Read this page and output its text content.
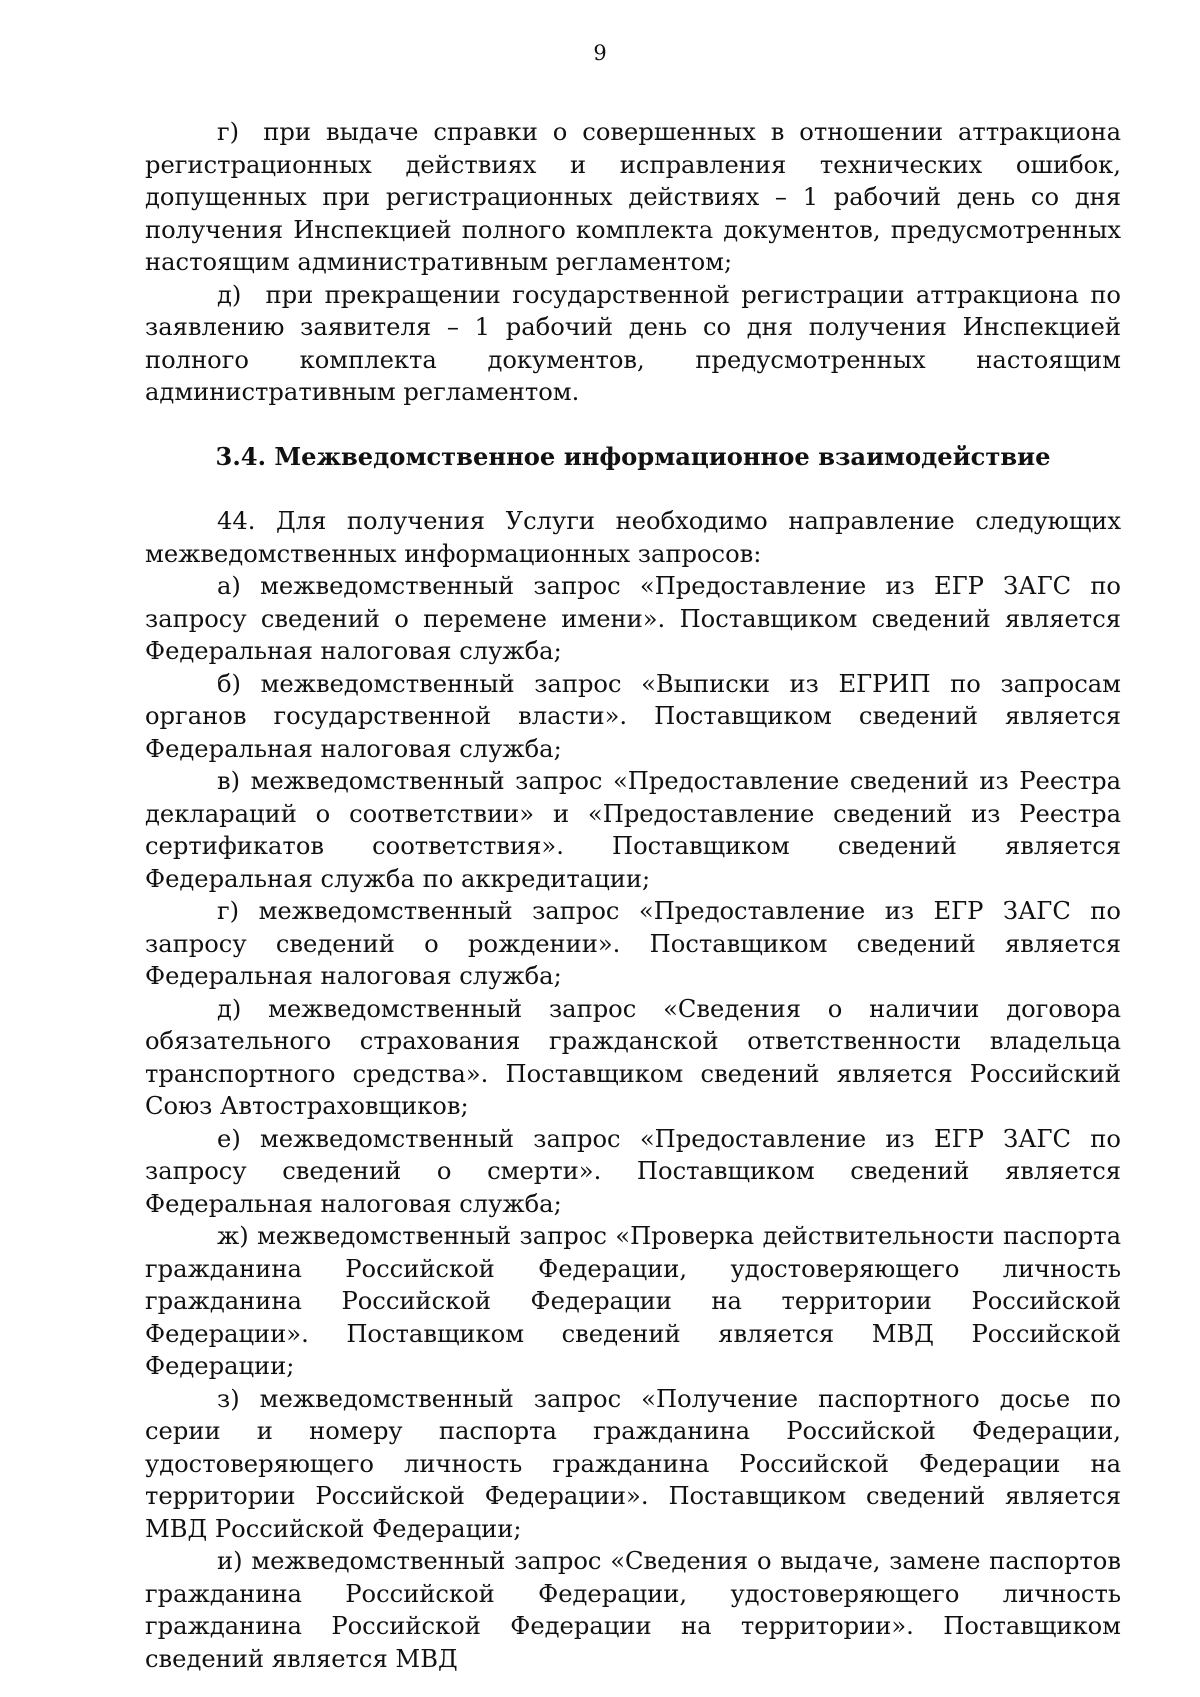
9

г) при выдаче справки о совершенных в отношении аттракциона регистрационных действиях и исправления технических ошибок, допущенных при регистрационных действиях – 1 рабочий день со дня получения Инспекцией полного комплекта документов, предусмотренных настоящим административным регламентом;

д) при прекращении государственной регистрации аттракциона по заявлению заявителя – 1 рабочий день со дня получения Инспекцией полного комплекта документов, предусмотренных настоящим административным регламентом.

3.4. Межведомственное информационное взаимодействие

44. Для получения Услуги необходимо направление следующих межведомственных информационных запросов:

а) межведомственный запрос «Предоставление из ЕГР ЗАГС по запросу сведений о перемене имени». Поставщиком сведений является Федеральная налоговая служба;

б) межведомственный запрос «Выписки из ЕГРИП по запросам органов государственной власти». Поставщиком сведений является Федеральная налоговая служба;

в) межведомственный запрос «Предоставление сведений из Реестра деклараций о соответствии» и «Предоставление сведений из Реестра сертификатов соответствия». Поставщиком сведений является Федеральная служба по аккредитации;

г) межведомственный запрос «Предоставление из ЕГР ЗАГС по запросу сведений о рождении». Поставщиком сведений является Федеральная налоговая служба;

д) межведомственный запрос «Сведения о наличии договора обязательного страхования гражданской ответственности владельца транспортного средства». Поставщиком сведений является Российский Союз Автостраховщиков;

е) межведомственный запрос «Предоставление из ЕГР ЗАГС по запросу сведений о смерти». Поставщиком сведений является Федеральная налоговая служба;

ж) межведомственный запрос «Проверка действительности паспорта гражданина Российской Федерации, удостоверяющего личность гражданина Российской Федерации на территории Российской Федерации». Поставщиком сведений является МВД Российской Федерации;

з) межведомственный запрос «Получение паспортного досье по серии и номеру паспорта гражданина Российской Федерации, удостоверяющего личность гражданина Российской Федерации на территории Российской Федерации». Поставщиком сведений является МВД Российской Федерации;

и) межведомственный запрос «Сведения о выдаче, замене паспортов гражданина Российской Федерации, удостоверяющего личность гражданина Российской Федерации на территории». Поставщиком сведений является МВД
